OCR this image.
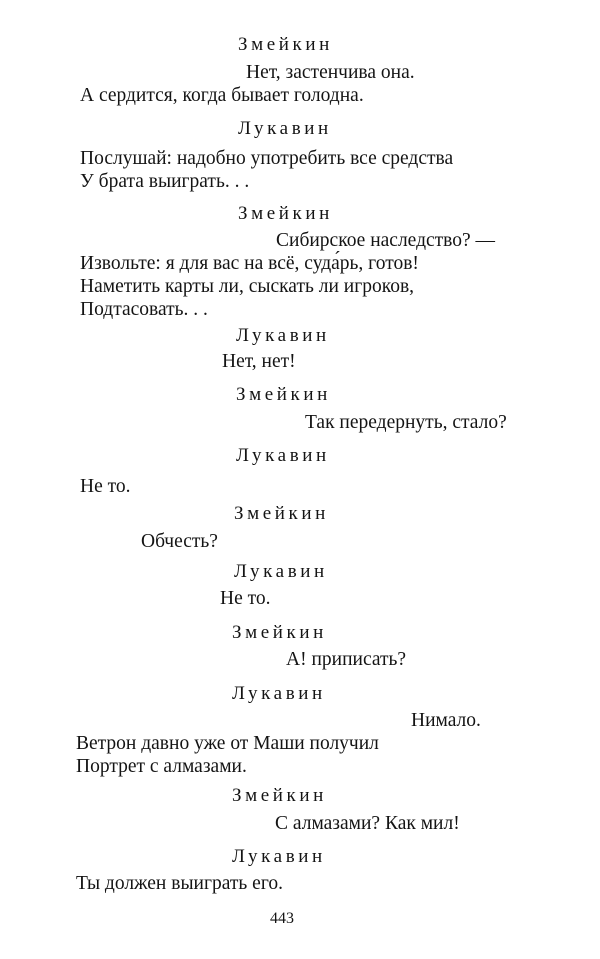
Змейкин
Нет, застенчива она.
А сердится, когда бывает голодна.
Лукавин
Послушай: надобно употребить все средства
У брата выиграть. . .
Змейкин
Сибирское наследство? —
Извольте: я для вас на всё, суда́рь, готов!
Наметить карты ли, сыскать ли игроков,
Подтасовать. . .
Лукавин
Нет, нет!
Змейкин
Так передернуть, стало?
Лукавин
Не то.
Змейкин
Обчесть?
Лукавин
Не то.
Змейкин
А! приписать?
Лукавин
Нимало.
Ветрон давно уже от Маши получил
Портрет с алмазами.
Змейкин
С алмазами? Как мил!
Лукавин
Ты должен выиграть его.
443
